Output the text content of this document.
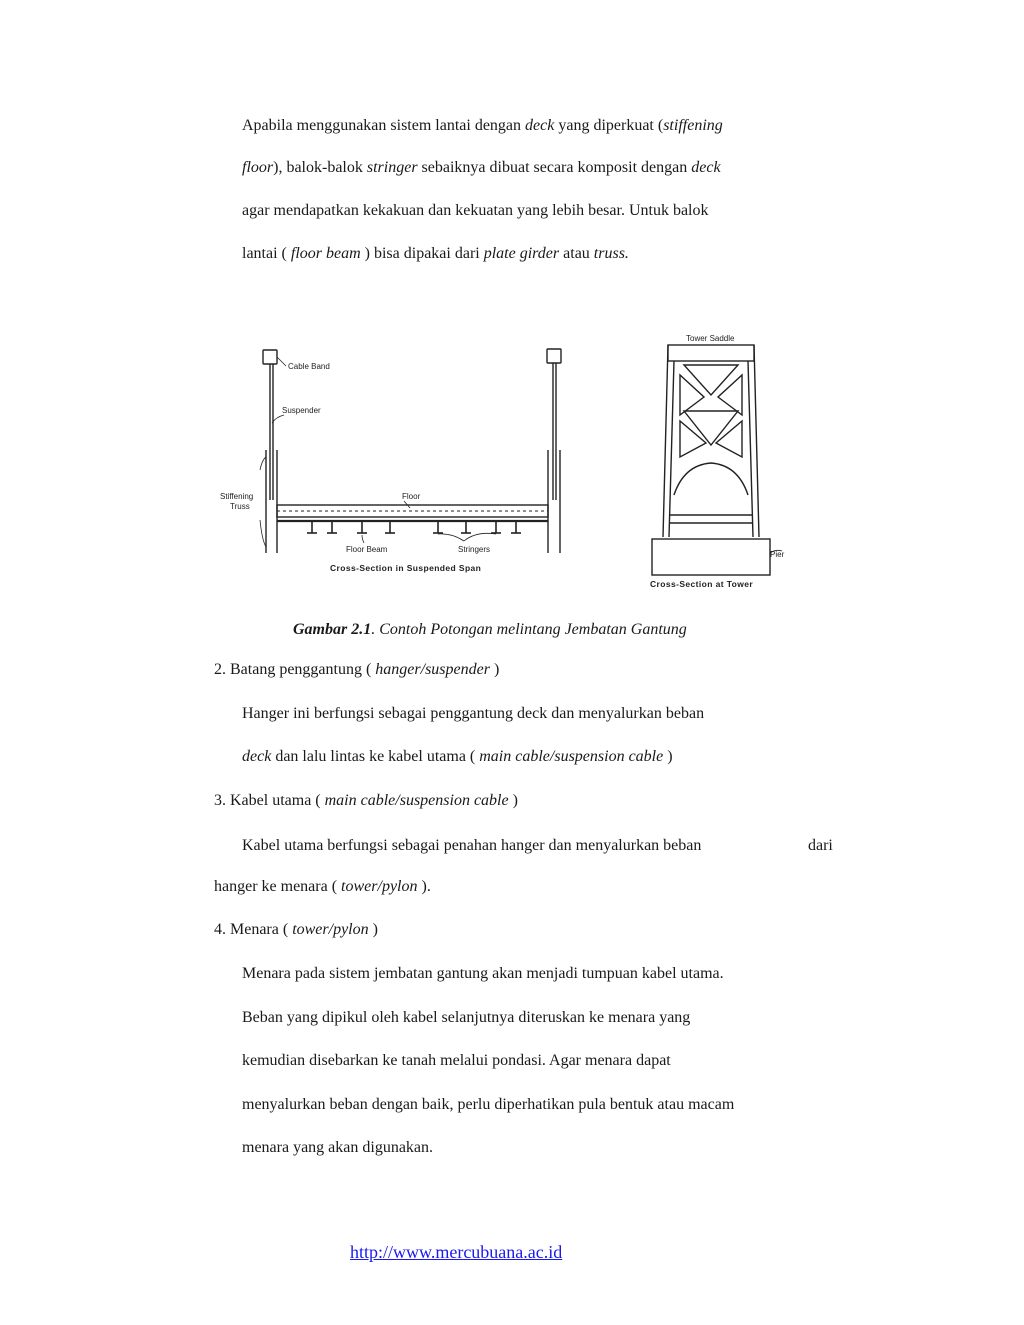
Apabila menggunakan sistem lantai dengan deck yang diperkuat (stiffening
floor), balok-balok stringer sebaiknya dibuat secara komposit dengan deck
agar mendapatkan kekakuan dan kekuatan yang lebih besar. Untuk balok
lantai ( floor beam ) bisa dipakai dari plate girder atau truss.
Cable Band
Suspender
Stiffening
Truss
Floor
Floor Beam	Stringers
Cross-Section in Suspended Span
Tower Saddle
Pier
Cross-Section at Tower
Gambar 2.1. Contoh Potongan melintang Jembatan Gantung
2. Batang penggantung ( hanger/suspender )
Hanger ini berfungsi sebagai penggantung deck dan menyalurkan beban
deck dan lalu lintas ke kabel utama ( main cable/suspension cable )
3. Kabel utama ( main cable/suspension cable )
Kabel utama berfungsi sebagai penahan hanger dan menyalurkan beban	dari
hanger ke menara ( tower/pylon ).
4. Menara ( tower/pylon )
Menara pada sistem jembatan gantung akan menjadi tumpuan kabel utama.
Beban yang dipikul oleh kabel selanjutnya diteruskan ke menara yang
kemudian disebarkan ke tanah melalui pondasi. Agar menara dapat
menyalurkan beban dengan baik, perlu diperhatikan pula bentuk atau macam
menara yang akan digunakan.
http://www.mercubuana.ac.id
